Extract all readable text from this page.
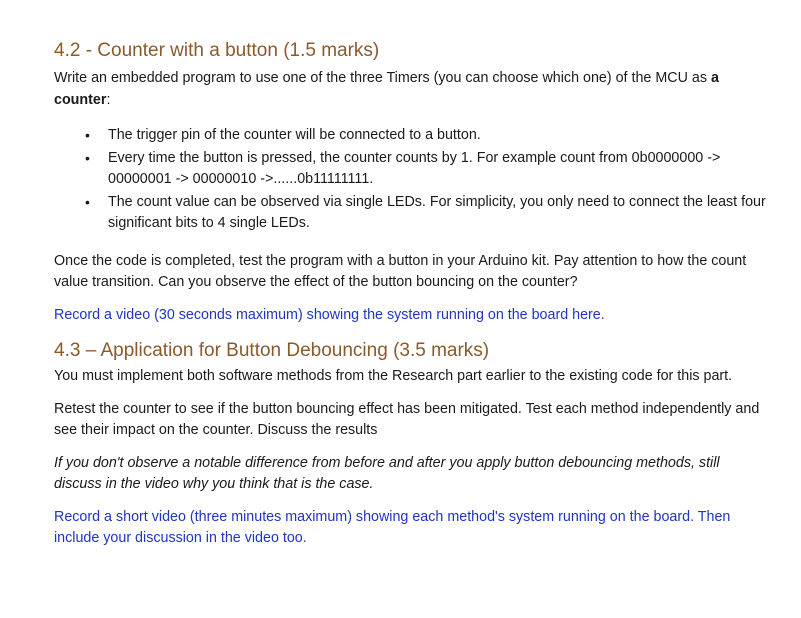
4.2 - Counter with a button (1.5 marks)

Write an embedded program to use one of the three Timers (you can choose which one) of the MCU as a counter:

• The trigger pin of the counter will be connected to a button.
• Every time the button is pressed, the counter counts by 1. For example count from 0b0000000 -> 00000001 -> 00000010 ->......0b11111111.
• The count value can be observed via single LEDs. For simplicity, you only need to connect the least four significant bits to 4 single LEDs.

Once the code is completed, test the program with a button in your Arduino kit. Pay attention to how the count value transition. Can you observe the effect of the button bouncing on the counter?

Record a video (30 seconds maximum) showing the system running on the board here.

4.3 – Application for Button Debouncing (3.5 marks)

You must implement both software methods from the Research part earlier to the existing code for this part.

Retest the counter to see if the button bouncing effect has been mitigated. Test each method independently and see their impact on the counter. Discuss the results

If you don't observe a notable difference from before and after you apply button debouncing methods, still discuss in the video why you think that is the case.

Record a short video (three minutes maximum) showing each method's system running on the board. Then include your discussion in the video too.
